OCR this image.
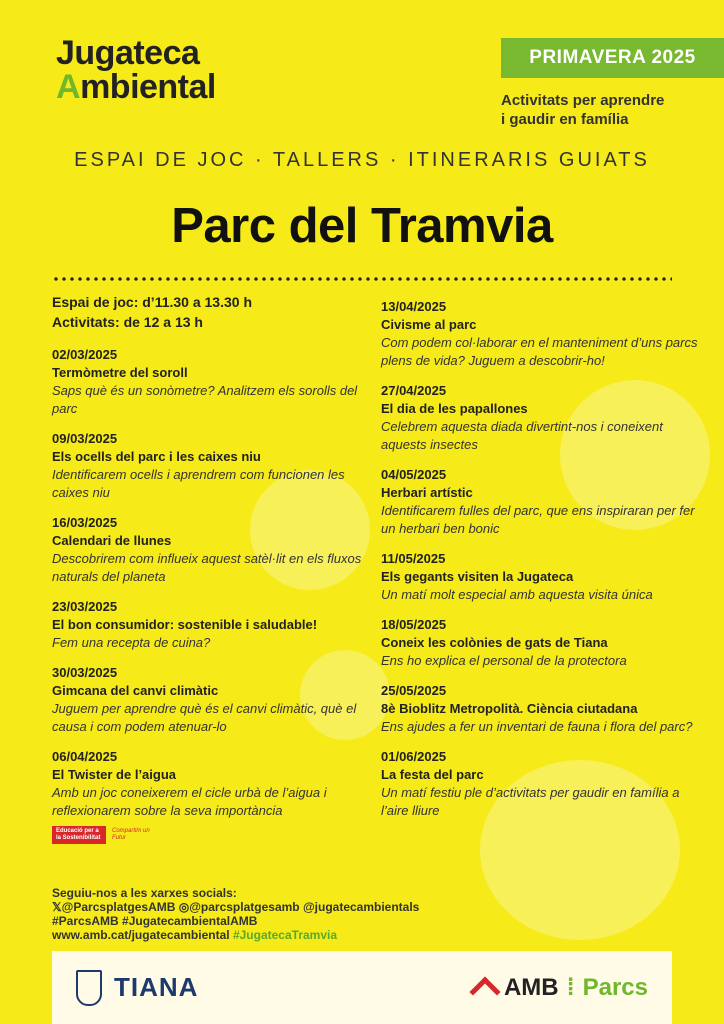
Jugateca
Ambiental
PRIMAVERA 2025
Activitats per aprendre
i gaudir en família
ESPAI DE JOC · TALLERS · ITINERARIS GUIATS
Parc del Tramvia
Espai de joc: d’11.30 a 13.30 h
Activitats: de 12 a 13 h
02/03/2025
Termòmetre del soroll
Saps què és un sonòmetre? Analitzem els sorolls del parc
09/03/2025
Els ocells del parc i les caixes niu
Identificarem ocells i aprendrem com funcionen les caixes niu
16/03/2025
Calendari de llunes
Descobrirem com influeix aquest satèl·lit en els fluxos naturals del planeta
23/03/2025
El bon consumidor: sostenible i saludable!
Fem una recepta de cuina?
30/03/2025
Gimcana del canvi climàtic
Juguem per aprendre què és el canvi climàtic, què el causa i com podem atenuar-lo
06/04/2025
El Twister de l’aigua
Amb un joc coneixerem el cicle urbà de l’aigua i reflexionarem sobre la seva importància
13/04/2025
Civisme al parc
Com podem col·laborar en el manteniment d’uns parcs plens de vida? Juguem a descobrir-ho!
27/04/2025
El dia de les papallones
Celebrem aquesta diada divertint-nos i coneixent aquests insectes
04/05/2025
Herbari artístic
Identificarem fulles del parc, que ens inspiraran per fer un herbari ben bonic
11/05/2025
Els gegants visiten la Jugateca
Un matí molt especial amb aquesta visita única
18/05/2025
Coneix les colònies de gats de Tiana
Ens ho explica el personal de la protectora
25/05/2025
8è Bioblitz Metropolità. Ciència ciutadana
Ens ajudes a fer un inventari de fauna i flora del parc?
01/06/2025
La festa del parc
Un matí festiu ple d’activitats per gaudir en família a l’aire lliure
Educació per a la Sostenibilitat
Compartim un Futur
Seguiu-nos a les xarxes socials:
𝕏@ParcsplatgesAMB ◎@parcsplatgesamb @jugatecambientals
#ParcsAMB #JugatecambientalAMB
www.amb.cat/jugatecambiental #JugatecaTramvia
TIANA	AMB ⁞ Parcs
